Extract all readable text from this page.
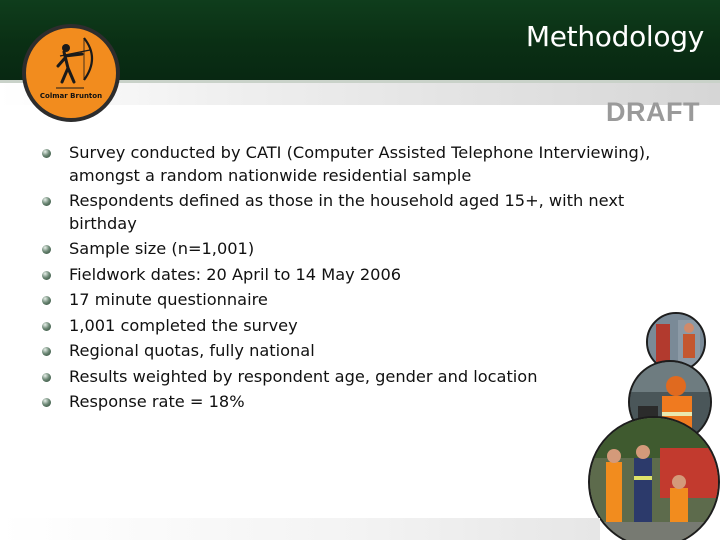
Methodology
DRAFT
Colmar Brunton
Survey conducted by CATI (Computer Assisted Telephone Interviewing), amongst a random nationwide residential sample
Respondents defined as those in the household aged 15+, with next birthday
Sample size (n=1,001)
Fieldwork dates: 20 April to 14 May 2006
17 minute questionnaire
1,001 completed the survey
Regional quotas, fully national
Results weighted by respondent age, gender and location
Response rate = 18%
